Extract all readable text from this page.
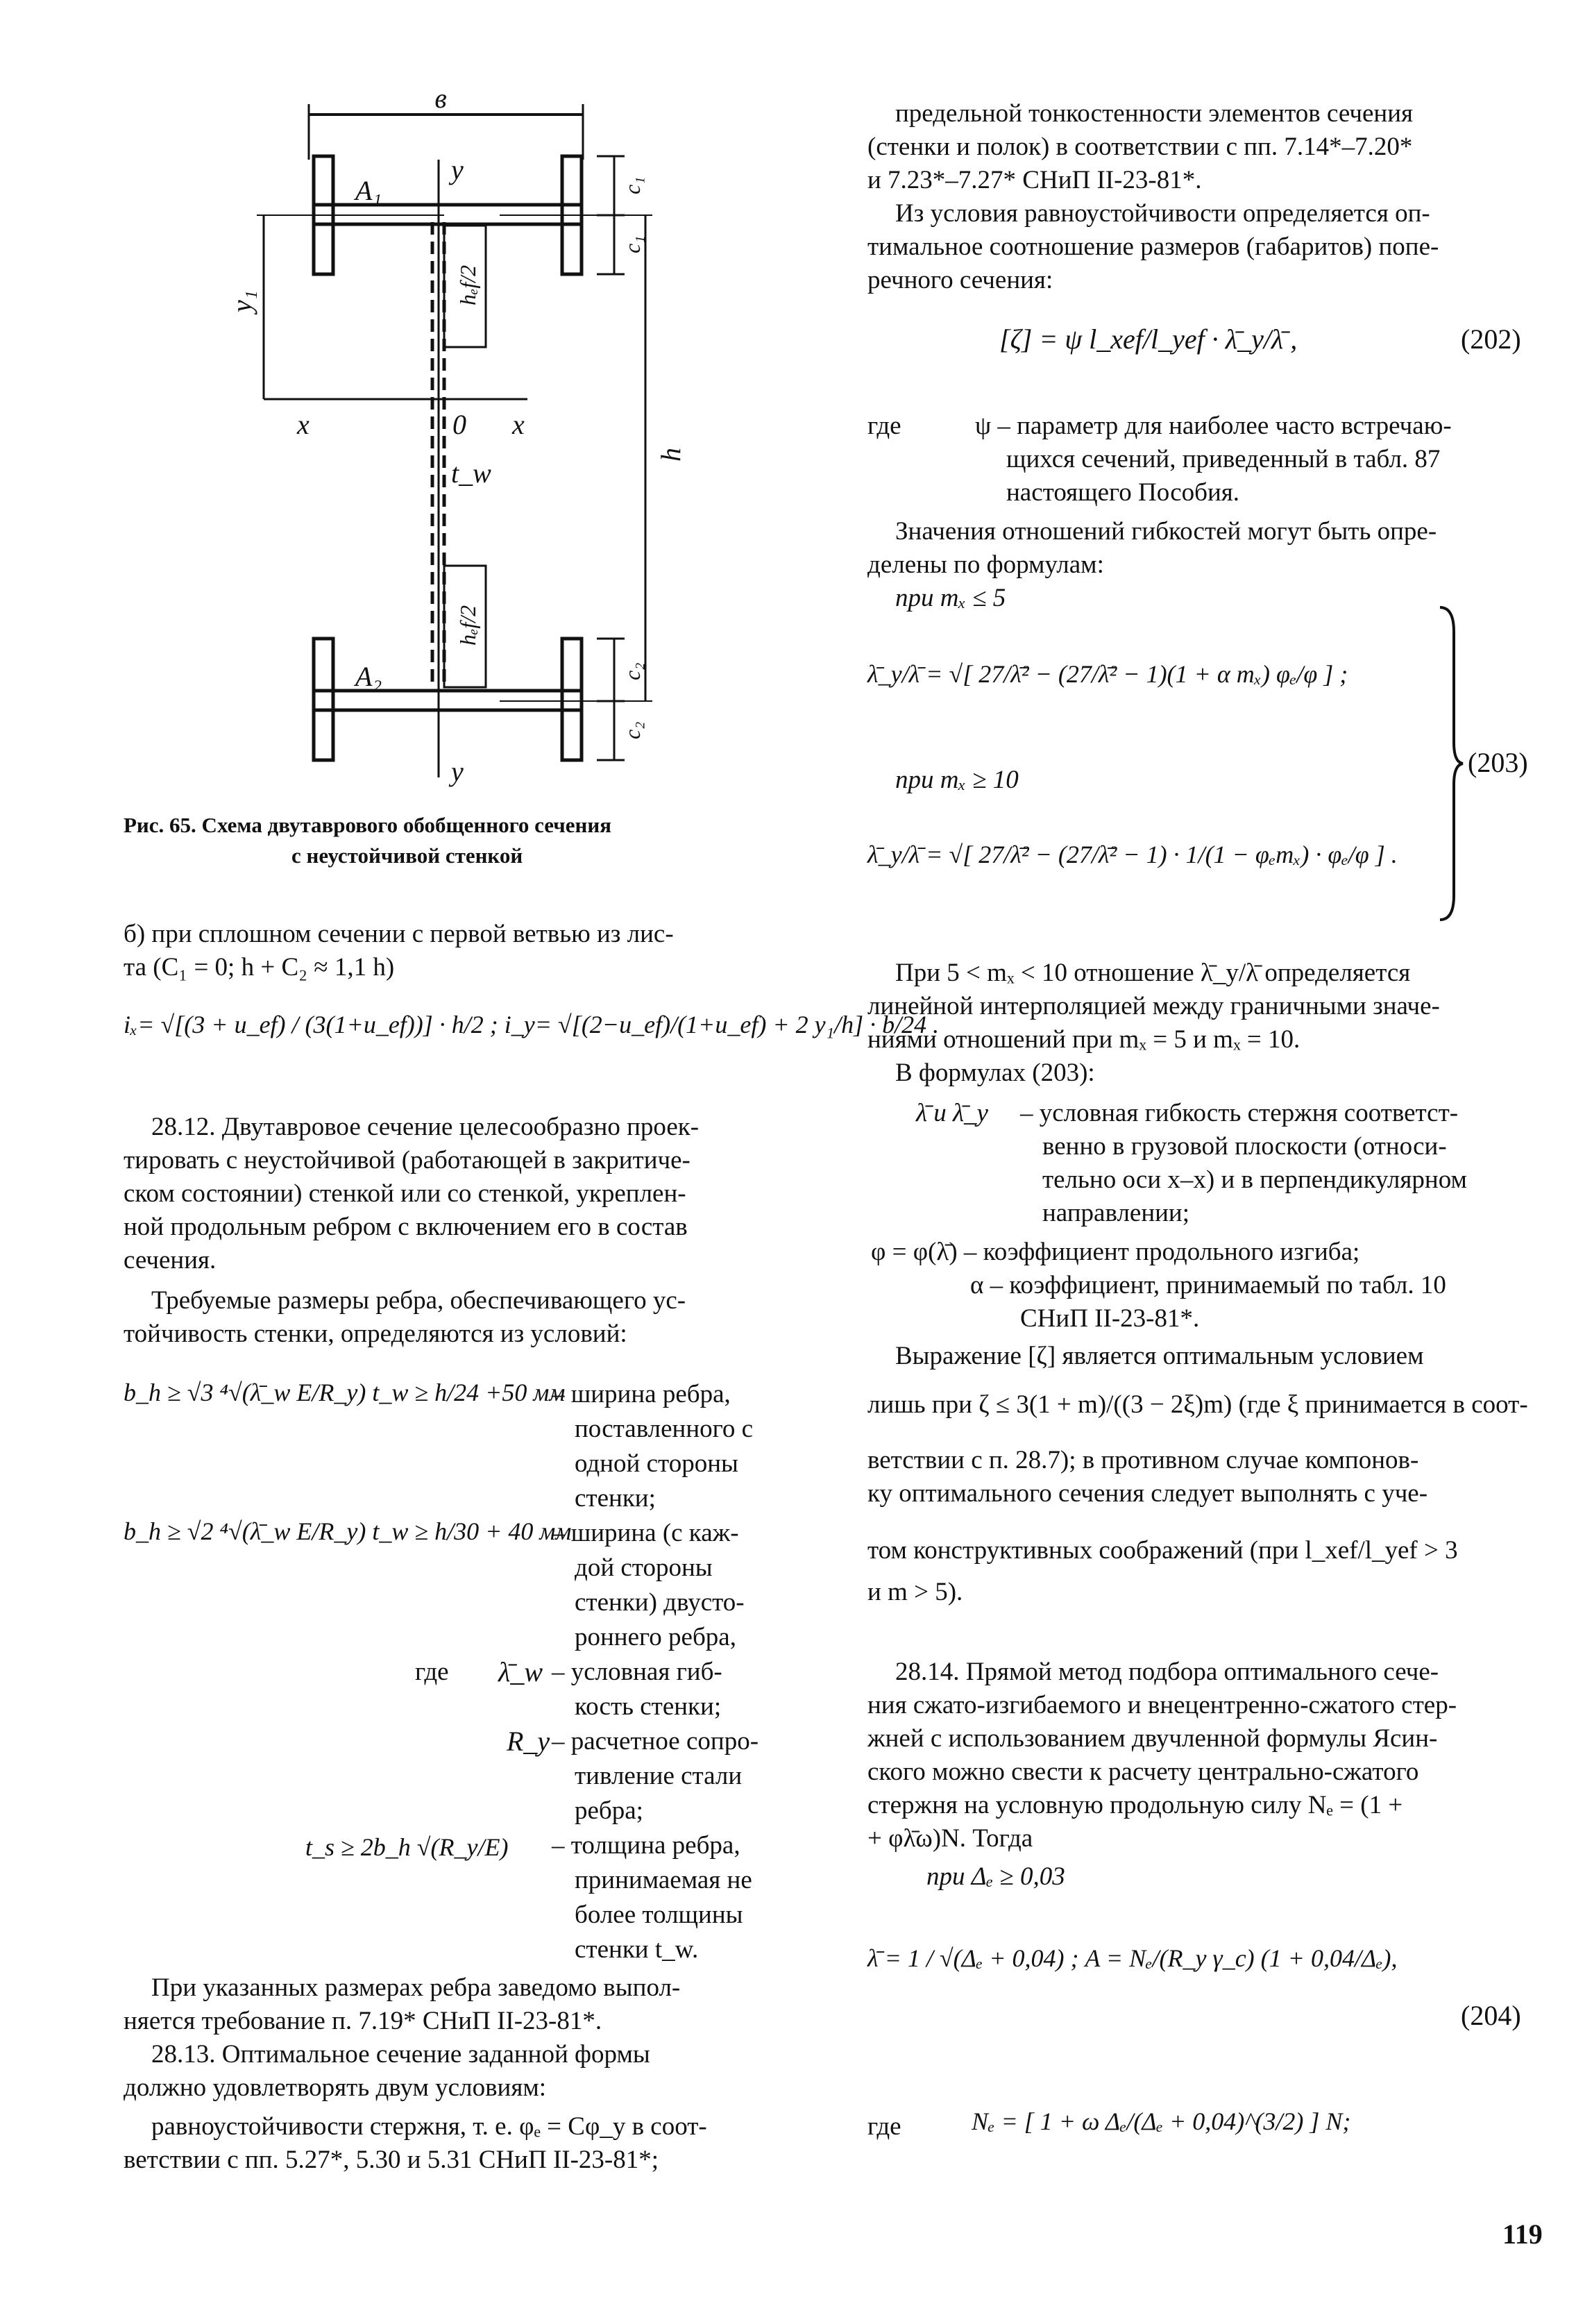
в
y
A₁	c₁
c₁
hₑf/2
y₁
x	0 x
t_w
h
A₂
hₑf/2
c₂
c₂
y
Рис. 65. Схема двутаврового обобщенного сечения
с неустойчивой стенкой
б) при сплошном сечении с первой ветвью из лис-
та (C₁ = 0; h + C₂ ≈ 1,1 h)
iₓ= √[(3 + u_ef) / (3(1+u_ef))] · h/2 ; i_y= √[(2−u_ef)/(1+u_ef) + 2 y₁/h] · b/24 .
28.12. Двутавровое сечение целесообразно проек-
тировать с неустойчивой (работающей в закритиче-
ском состоянии) стенкой или со стенкой, укреплен-
ной продольным ребром с включением его в состав
сечения.
Требуемые размеры ребра, обеспечивающего ус-
тойчивость стенки, определяются из условий:
b_h ≥ √3 ⁴√(λ̄_w E/R_y) t_w ≥ h/24 +50 мм
– ширина ребра,
поставленного с
одной стороны
стенки;
b_h ≥ √2 ⁴√(λ̄_w E/R_y) t_w ≥ h/30 + 40 мм
– ширина (с каж-
дой стороны
стенки) двусто-
роннего ребра,
где λ̄_w – условная гиб-
кость стенки;
R_y – расчетное сопро-
тивление стали
ребра;
t_s ≥ 2b_h √(R_y/E) – толщина ребра,
принимаемая не
более толщины
стенки t_w.
При указанных размерах ребра заведомо выпол-
няется требование п. 7.19* СНиП II-23-81*.
28.13. Оптимальное сечение заданной формы
должно удовлетворять двум условиям:
равноустойчивости стержня, т. е. φₑ = Cφ_y в соот-
ветствии с пп. 5.27*, 5.30 и 5.31 СНиП II-23-81*;
предельной тонкостенности элементов сечения
(стенки и полок) в соответствии с пп. 7.14*–7.20*
и 7.23*–7.27* СНиП II-23-81*.
Из условия равноустойчивости определяется оп-
тимальное соотношение размеров (габаритов) попе-
речного сечения:
[ζ] = ψ l_xef/l_yef · λ̄_y/λ̄ ,	(202)
где	ψ – параметр для наиболее часто встречаю-
щихся сечений, приведенный в табл. 87
настоящего Пособия.
Значения отношений гибкостей могут быть опре-
делены по формулам:
при mₓ ≤ 5
λ̄_y/λ̄ = √[ 27/λ̄² − (27/λ̄² − 1)(1 + α mₓ) φₑ/φ ] ;
при mₓ ≥ 10
λ̄_y/λ̄ = √[ 27/λ̄² − (27/λ̄² − 1) · 1/(1 − φₑmₓ) · φₑ/φ ] .
(203)
При 5 < mₓ < 10 отношение λ̄_y/λ̄ определяется
линейной интерполяцией между граничными значе-
ниями отношений при mₓ = 5 и mₓ = 10.
В формулах (203):
λ̄ и λ̄_y – условная гибкость стержня соответст-
венно в грузовой плоскости (относи-
тельно оси x–x) и в перпендикулярном
направлении;
φ = φ(λ̄) – коэффициент продольного изгиба;
α – коэффициент, принимаемый по табл. 10
СНиП II-23-81*.
Выражение [ζ] является оптимальным условием
лишь при ζ ≤ 3(1 + m)/((3 − 2ξ)m) (где ξ принимается в соот-
ветствии с п. 28.7); в противном случае компонов-
ку оптимального сечения следует выполнять с уче-
том конструктивных соображений (при l_xef/l_yef > 3
и m > 5).
28.14. Прямой метод подбора оптимального сече-
ния сжато-изгибаемого и внецентренно-сжатого стер-
жней с использованием двучленной формулы Ясин-
ского можно свести к расчету центрально-сжатого
стержня на условную продольную силу Nₑ = (1 +
+ φλ̄ω)N. Тогда
при Δₑ ≥ 0,03
λ̄ = 1 / √(Δₑ + 0,04) ; A = Nₑ/(R_y γ_c) (1 + 0,04/Δₑ),
(204)
где	Nₑ = [ 1 + ω Δₑ/(Δₑ + 0,04)^(3/2) ] N;
119
